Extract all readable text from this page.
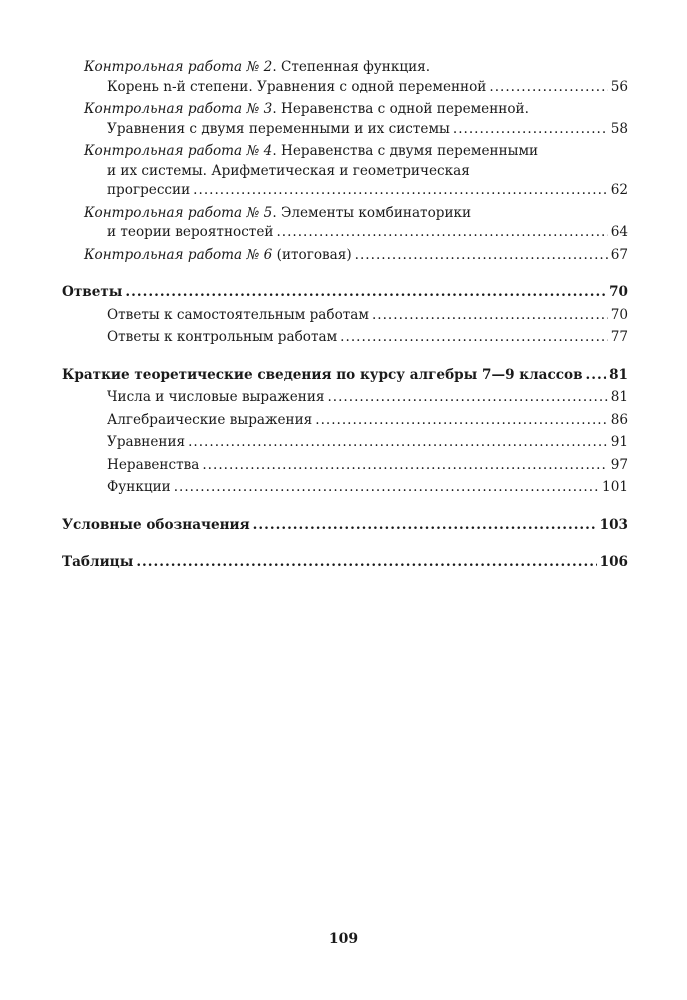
Контрольная работа № 2. Степенная функция.
Корень n-й степени. Уравнения с одной переменной .....	56
Контрольная работа № 3. Неравенства с одной переменной.
Уравнения с двумя переменными и их системы .....	58
Контрольная работа № 4. Неравенства с двумя переменными
и их системы. Арифметическая и геометрическая
прогрессии .....	62
Контрольная работа № 5. Элементы комбинаторики
и теории вероятностей .....	64
Контрольная работа № 6 (итоговая) .....	67
Ответы .....	70
Ответы к самостоятельным работам .....	70
Ответы к контрольным работам .....	77
Краткие теоретические сведения по курсу алгебры 7—9 классов ..... 81
Числа и числовые выражения .....	81
Алгебраические выражения .....	86
Уравнения .....	91
Неравенства .....	97
Функции .....	101
Условные обозначения .....	103
Таблицы .....	106
109
